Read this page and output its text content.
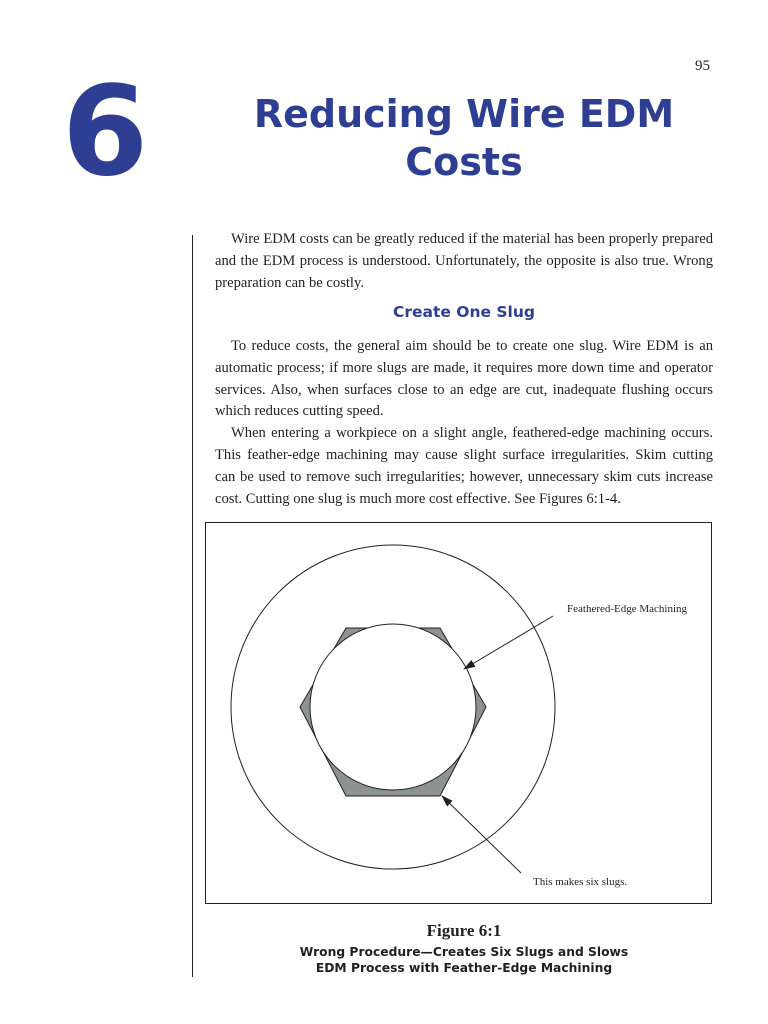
95
6	Reducing Wire EDM
Costs

Wire EDM costs can be greatly reduced if the material has been properly prepared and the EDM process is understood. Unfortunately, the opposite is also true. Wrong preparation can be costly.

Create One Slug

To reduce costs, the general aim should be to create one slug. Wire EDM is an automatic process; if more slugs are made, it requires more down time and operator services. Also, when surfaces close to an edge are cut, inadequate flushing occurs which reduces cutting speed.

When entering a workpiece on a slight angle, feathered-edge machining occurs. This feather-edge machining may cause slight surface irregularities. Skim cutting can be used to remove such irregularities; however, unnecessary skim cuts increase cost. Cutting one slug is much more cost effective. See Figures 6:1-4.

Feathered-Edge Machining
This makes six slugs.
Figure 6:1
Wrong Procedure—Creates Six Slugs and Slows
EDM Process with Feather-Edge Machining
